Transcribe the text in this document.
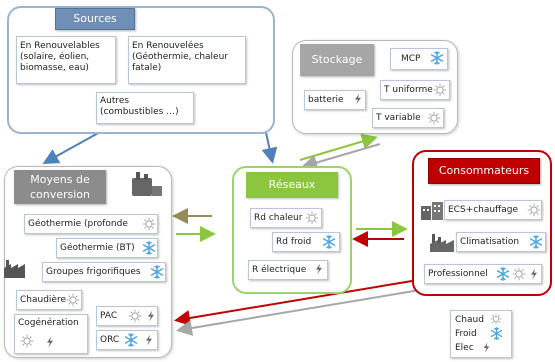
Sources
En Renouvelables
(solaire, éolien,
biomasse, eau)
En Renouvelées
(Géothermie, chaleur
fatale)
Autres
(combustibles …)
Stockage	MCP
batterie
T uniforme
T variable
Moyens de
conversion
Géothermie (profonde
Géothermie (BT)
Groupes frigorifiques
Chaudière
Cogénération
PAC
ORC
Réseaux
Rd chaleur
Rd froid
R électrique
Consommateurs
ECS+chauffage
Climatisation
Professionnel
Chaud
Froid
Elec
